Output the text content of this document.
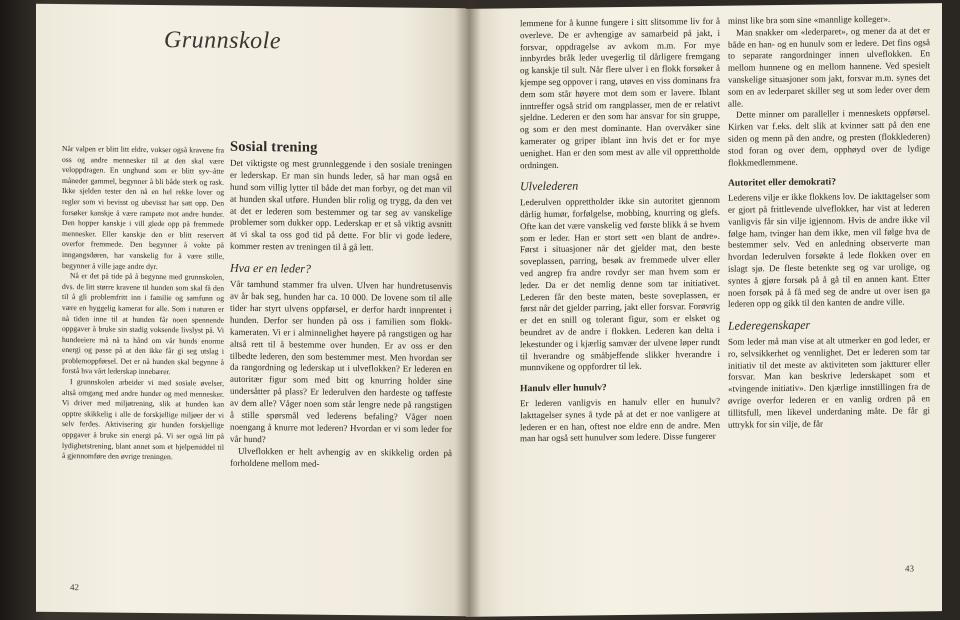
Grunnskole

Når valpen er blitt litt eldre, vokser også kravene fra oss og andre mennesker til at den skal være veloppdragen. En unghund som er blitt syv–åtte måneder gammel, begynner å bli både sterk og rask. Ikke sjelden tester den nå en hel rekke lover og regler som vi bevisst og ubevisst har satt opp. Den forsøker kanskje å være rampete mot andre hunder. Den hopper kanskje i vill glede opp på fremmede mennesker. Eller kanskje den er blitt reservert overfor fremmede. Den begynner å vokte på inngangsdøren, har vanskelig for å være stille, begynner å ville jage andre dyr.

Nå er det på tide på å begynne med grunnskolen, dvs. de litt større kravene til hunden som skal få den til å gli problemfritt inn i familie og samfunn og være en hyggelig kamerat for alle. Som i naturen er nå tiden inne til at hunden får noen spennende oppgaver å bruke sin stadig voksende livslyst på. Vi hundeeiere må nå ta hånd om vår hunds enorme energi og passe på at den ikke får gi seg utslag i problemoppførsel. Det er nå hunden skal begynne å forstå hva vårt lederskap innebærer.

I grunnskolen arbeider vi med sosiale øvelser, altså omgang med andre hunder og med mennesker. Vi driver med miljøtrening, slik at hunden kan opptre skikkelig i alle de forskjellige miljøer der vi selv ferdes. Aktivisering gir hunden forskjellige oppgaver å bruke sin energi på. Vi ser også litt på lydighetstrening, blant annet som et hjelpemiddel til å gjennomføre den øvrige treningen.

Sosial trening

Det viktigste og mest grunnleggende i den sosiale treningen er lederskap. Er man sin hunds leder, så har man også en hund som villig lytter til både det man forbyr, og det man vil at hunden skal utføre. Hunden blir rolig og trygg, da den vet at det er lederen som bestemmer og tar seg av vanskelige problemer som dukker opp. Lederskap er et så viktig avsnitt at vi skal ta oss god tid på dette. For blir vi gode ledere, kommer resten av treningen til å gå lett.

Hva er en leder?

Vår tamhund stammer fra ulven. Ulven har hundretusenvis av år bak seg, hunden har ca. 10 000. De lovene som til alle tider har styrt ulvens oppførsel, er derfor hardt innprentet i hunden. Derfor ser hunden på oss i familien som flokk-kameraten. Vi er i alminnelighet høyere på rangstigen og har altså rett til å bestemme over hunden. Er av oss er den tilbedte lederen, den som bestemmer mest. Men hvordan ser da rangordning og lederskap ut i ulveflokken? Er lederen en autoritær figur som med bitt og knurring holder sine undersåtter på plass? Er lederulven den hardeste og tøffeste av dem alle? Våger noen som står lengre nede på rangstigen å stille spørsmål ved lederens befaling? Våger noen noengang å knurre mot lederen? Hvordan er vi som leder for vår hund?

Ulveflokken er helt avhengig av en skikkelig orden på forholdene mellom med-

42

lemmene for å kunne fungere i sitt slitsomme liv for å overleve. De er avhengige av samarbeid på jakt, i forsvar, oppdragelse av avkom m.m. For mye innbyrdes bråk leder uvegerlig til dårligere fremgang og kanskje til sult. Når flere ulver i en flokk forsøker å kjempe seg oppover i rang, utøves en viss dominans fra dem som står høyere mot dem som er lavere. Iblant inntreffer også strid om rangplasser, men de er relativt sjeldne. Lederen er den som har ansvar for sin gruppe, og som er den mest dominante. Han overvåker sine kamerater og griper iblant inn hvis det er for mye uenighet. Han er den som mest av alle vil opprettholde ordningen.

Ulvelederen

Lederulven opprettholder ikke sin autoritet gjennom dårlig humør, forfølgelse, mobbing, knurring og glefs. Ofte kan det være vanskelig ved første blikk å se hvem som er leder. Han er stort sett «en blant de andre». Først i situasjoner når det gjelder mat, den beste soveplassen, parring, besøk av fremmede ulver eller ved angrep fra andre rovdyr ser man hvem som er leder. Da er det nemlig denne som tar initiativet. Lederen får den beste maten, beste soveplassen, er først når det gjelder parring, jakt eller forsvar. Forøvrig er det en snill og tolerant figur, som er elsket og beundret av de andre i flokken. Lederen kan delta i lekestunder og i kjærlig samvær der ulvene løper rundt til hverandre og småbjeffende slikker hverandre i munnvikene og oppfordrer til lek.

Hanulv eller hunulv?

Er lederen vanligvis en hanulv eller en hunulv? Iakttagelser synes å tyde på at det er noe vanligere at lederen er en han, oftest noe eldre enn de andre. Men man har også sett hunulver som ledere. Disse fungerer

minst like bra som sine «mannlige kolleger».

Man snakker om «lederparet», og mener da at det er både en han- og en hunulv som er ledere. Det fins også to separate rangordninger innen ulveflokken. En mellom hunnene og en mellom hannene. Ved spesielt vanskelige situasjoner som jakt, forsvar m.m. synes det som en av lederparet skiller seg ut som leder over dem alle.

Dette minner om paralleller i menneskets oppførsel. Kirken var f.eks. delt slik at kvinner satt på den ene siden og menn på den andre, og presten (flokklederen) stod foran og over dem, opphøyd over de lydige flokkmedlemmene.

Autoritet eller demokrati?

Lederens vilje er ikke flokkens lov. De iakttagelser som er gjort på frittlevende ulveflokker, har vist at lederen vanligvis får sin vilje igjennom. Hvis de andre ikke vil følge ham, tvinger han dem ikke, men vil følge hva de bestemmer selv. Ved en anledning observerte man hvordan lederulven forsøkte å lede flokken over en islagt sjø. De fleste betenkte seg og var urolige, og syntes å gjøre forsøk på å gå til en annen kant. Etter noen forsøk på å få med seg de andre ut over isen ga lederen opp og gikk til den kanten de andre ville.

Lederegenskaper

Som leder må man vise at alt utmerker en god leder, er ro, selvsikkerhet og vennlighet. Det er lederen som tar initiativ til det meste av aktiviteten som jaktturer eller forsvar. Man kan beskrive lederskapet som et «tvingende initiativ». Den kjærlige innstillingen fra de øvrige overfor lederen er en vanlig ordren på en tillitsfull, men likevel underdaning måte. De får gi uttrykk for sin vilje, de får

43
